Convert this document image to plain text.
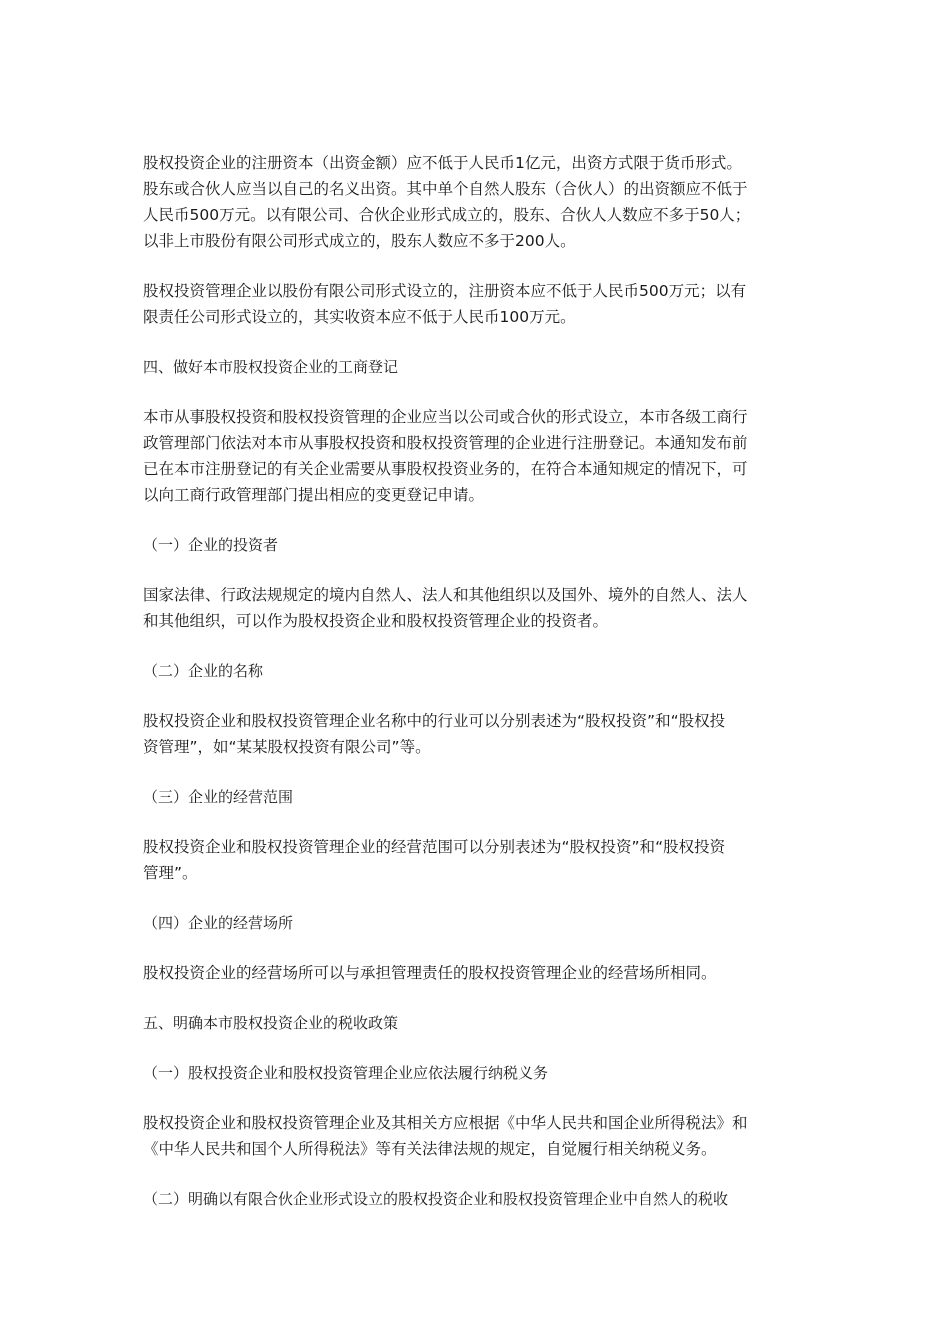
股权投资企业的注册资本（出资金额）应不低于人民币1亿元，出资方式限于货币形式。
股东或合伙人应当以自己的名义出资。其中单个自然人股东（合伙人）的出资额应不低于
人民币500万元。以有限公司、合伙企业形式成立的，股东、合伙人人数应不多于50人；
以非上市股份有限公司形式成立的，股东人数应不多于200人。
股权投资管理企业以股份有限公司形式设立的，注册资本应不低于人民币500万元；以有
限责任公司形式设立的，其实收资本应不低于人民币100万元。
四、做好本市股权投资企业的工商登记
本市从事股权投资和股权投资管理的企业应当以公司或合伙的形式设立，本市各级工商行
政管理部门依法对本市从事股权投资和股权投资管理的企业进行注册登记。本通知发布前
已在本市注册登记的有关企业需要从事股权投资业务的，在符合本通知规定的情况下，可
以向工商行政管理部门提出相应的变更登记申请。
（一）企业的投资者
国家法律、行政法规规定的境内自然人、法人和其他组织以及国外、境外的自然人、法人
和其他组织，可以作为股权投资企业和股权投资管理企业的投资者。
（二）企业的名称
股权投资企业和股权投资管理企业名称中的行业可以分别表述为“股权投资”和“股权投
资管理”，如“某某股权投资有限公司”等。
（三）企业的经营范围
股权投资企业和股权投资管理企业的经营范围可以分别表述为“股权投资”和“股权投资
管理”。
（四）企业的经营场所
股权投资企业的经营场所可以与承担管理责任的股权投资管理企业的经营场所相同。
五、明确本市股权投资企业的税收政策
（一）股权投资企业和股权投资管理企业应依法履行纳税义务
股权投资企业和股权投资管理企业及其相关方应根据《中华人民共和国企业所得税法》和
《中华人民共和国个人所得税法》等有关法律法规的规定，自觉履行相关纳税义务。
（二）明确以有限合伙企业形式设立的股权投资企业和股权投资管理企业中自然人的税收
